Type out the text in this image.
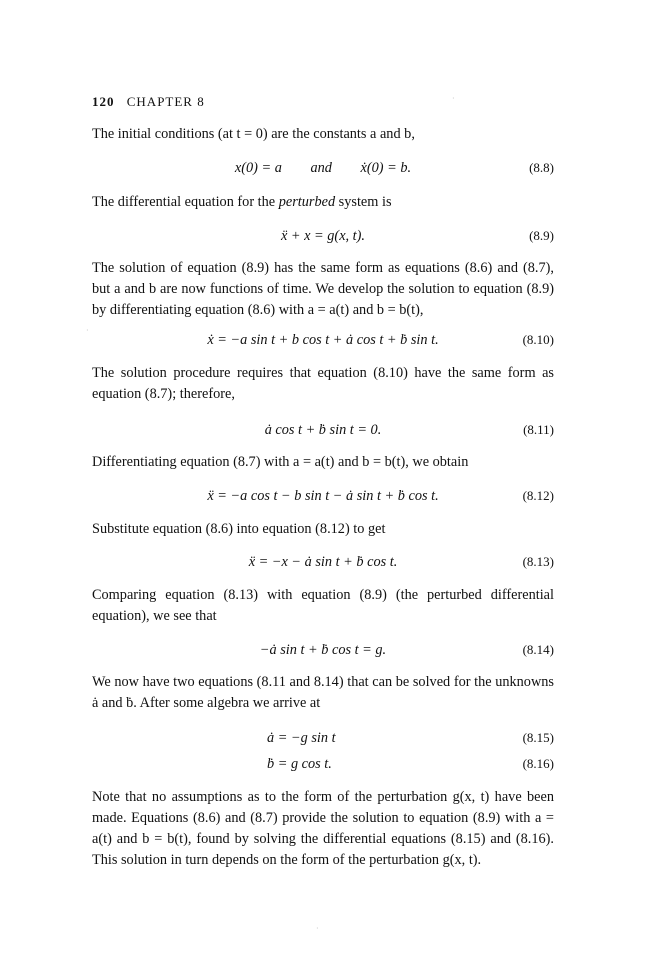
120 CHAPTER 8

The initial conditions (at t = 0) are the constants a and b,

x(0) = a        and        ẋ(0) = b.	(8.8)

The differential equation for the perturbed system is

ẍ + x = g(x, t).	(8.9)

The solution of equation (8.9) has the same form as equations (8.6) and (8.7), but a and b are now functions of time. We develop the solution to equation (8.9) by differentiating equation (8.6) with a = a(t) and b = b(t),

ẋ = −a sin t + b cos t + ȧ cos t + ḃ sin t.	(8.10)

The solution procedure requires that equation (8.10) have the same form as equation (8.7); therefore,

ȧ cos t + ḃ sin t = 0.	(8.11)

Differentiating equation (8.7) with a = a(t) and b = b(t), we obtain

ẍ = −a cos t − b sin t − ȧ sin t + ḃ cos t.	(8.12)

Substitute equation (8.6) into equation (8.12) to get

ẍ = −x − ȧ sin t + ḃ cos t.	(8.13)

Comparing equation (8.13) with equation (8.9) (the perturbed differential equation), we see that

−ȧ sin t + ḃ cos t = g.	(8.14)

We now have two equations (8.11 and 8.14) that can be solved for the unknowns ȧ and ḃ. After some algebra we arrive at

ȧ = −g sin t	(8.15)
ḃ = g cos t.	(8.16)

Note that no assumptions as to the form of the perturbation g(x, t) have been made. Equations (8.6) and (8.7) provide the solution to equation (8.9) with a = a(t) and b = b(t), found by solving the differential equations (8.15) and (8.16). This solution in turn depends on the form of the perturbation g(x, t).

·
·
·
